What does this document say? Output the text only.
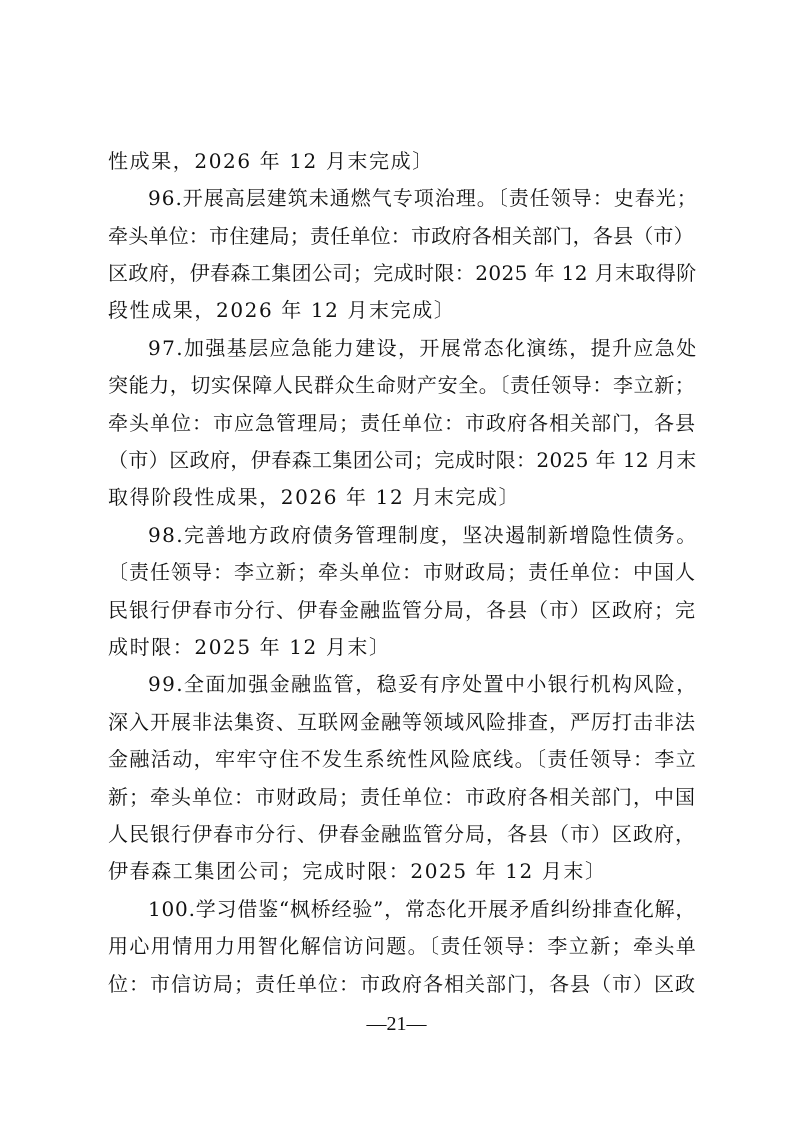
性成果，2026 年 12 月末完成〕
96.开展高层建筑未通燃气专项治理。〔责任领导：史春光；
牵头单位：市住建局；责任单位：市政府各相关部门，各县（市）
区政府，伊春森工集团公司；完成时限：2025 年 12 月末取得阶
段性成果，2026 年 12 月末完成〕
97.加强基层应急能力建设，开展常态化演练，提升应急处
突能力，切实保障人民群众生命财产安全。〔责任领导：李立新；
牵头单位：市应急管理局；责任单位：市政府各相关部门，各县
（市）区政府，伊春森工集团公司；完成时限：2025 年 12 月末
取得阶段性成果，2026 年 12 月末完成〕
98.完善地方政府债务管理制度，坚决遏制新增隐性债务。
〔责任领导：李立新；牵头单位：市财政局；责任单位：中国人
民银行伊春市分行、伊春金融监管分局，各县（市）区政府；完
成时限：2025 年 12 月末〕
99.全面加强金融监管，稳妥有序处置中小银行机构风险，
深入开展非法集资、互联网金融等领域风险排查，严厉打击非法
金融活动，牢牢守住不发生系统性风险底线。〔责任领导：李立
新；牵头单位：市财政局；责任单位：市政府各相关部门，中国
人民银行伊春市分行、伊春金融监管分局，各县（市）区政府，
伊春森工集团公司；完成时限：2025 年 12 月末〕
100.学习借鉴“枫桥经验”，常态化开展矛盾纠纷排查化解，
用心用情用力用智化解信访问题。〔责任领导：李立新；牵头单
位：市信访局；责任单位：市政府各相关部门，各县（市）区政
—21—
